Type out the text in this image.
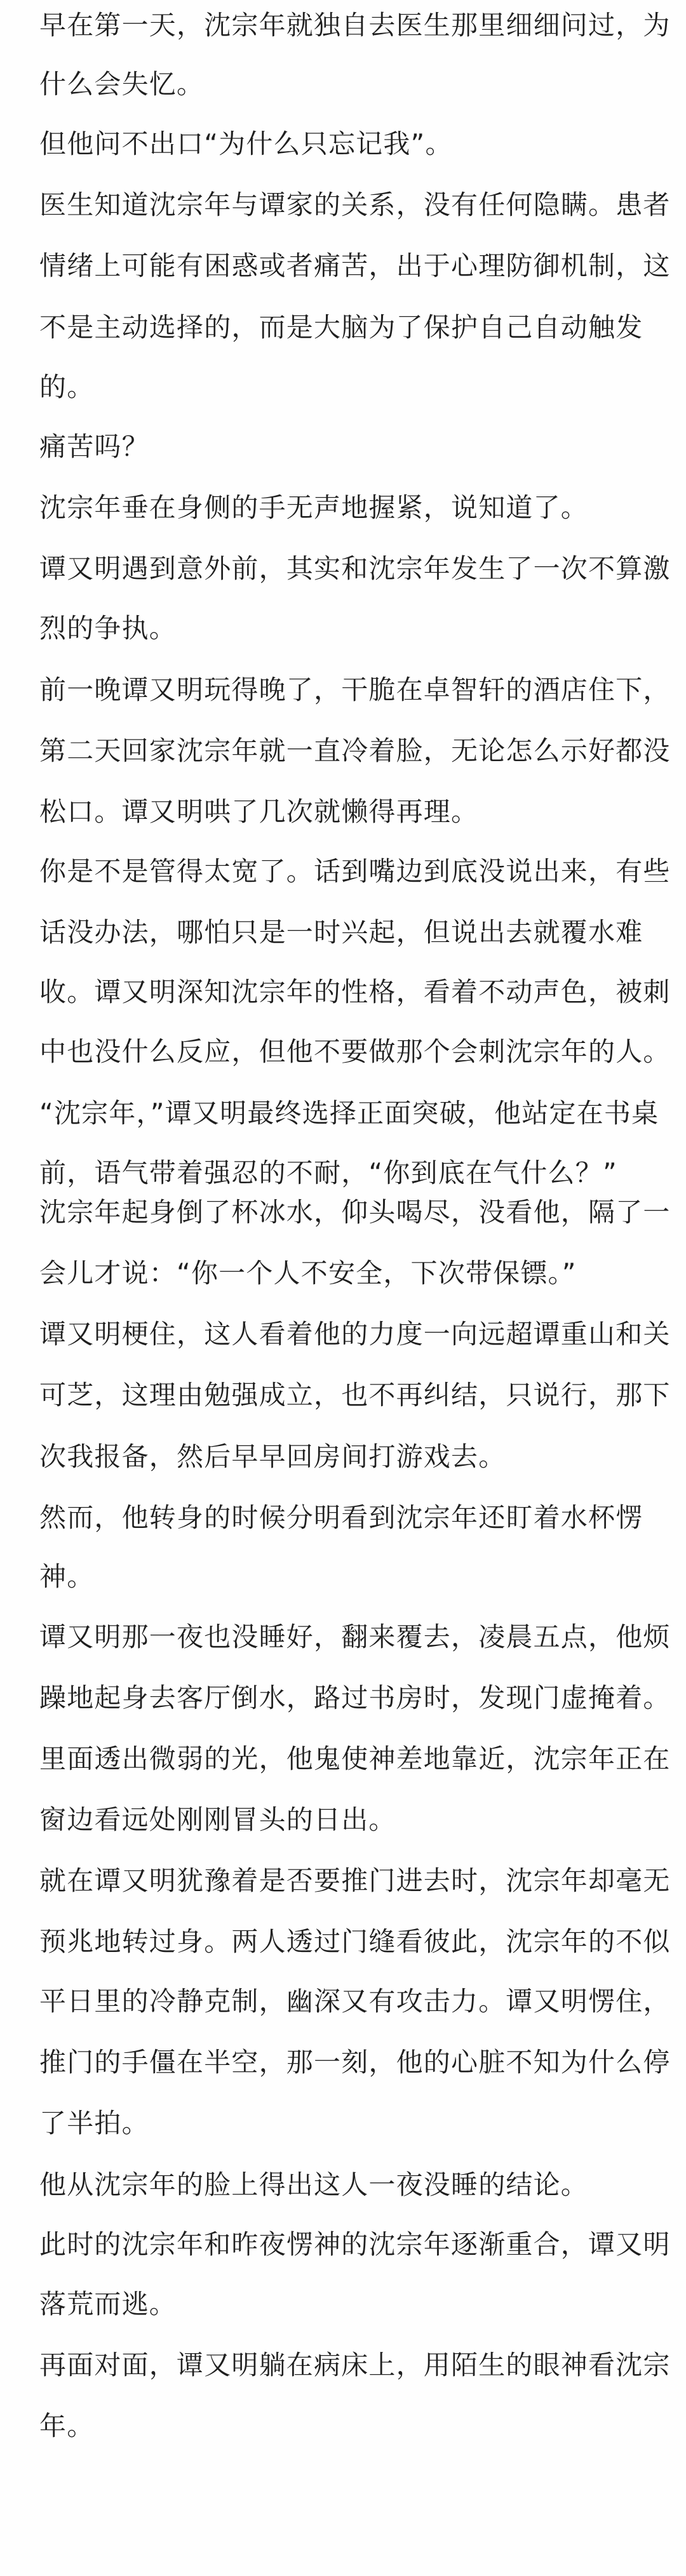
早在第一天，沈宗年就独自去医生那里细细问过，为
什么会失忆。
但他问不出口“为什么只忘记我”。
医生知道沈宗年与谭家的关系，没有任何隐瞒。患者
情绪上可能有困惑或者痛苦，出于心理防御机制，这
不是主动选择的，而是大脑为了保护自己自动触发
的。
痛苦吗？
沈宗年垂在身侧的手无声地握紧，说知道了。
谭又明遇到意外前，其实和沈宗年发生了一次不算激
烈的争执。
前一晚谭又明玩得晚了，干脆在卓智轩的酒店住下，
第二天回家沈宗年就一直冷着脸，无论怎么示好都没
松口。谭又明哄了几次就懒得再理。
你是不是管得太宽了。话到嘴边到底没说出来，有些
话没办法，哪怕只是一时兴起，但说出去就覆水难
收。谭又明深知沈宗年的性格，看着不动声色，被刺
中也没什么反应，但他不要做那个会刺沈宗年的人。
“沈宗年，”谭又明最终选择正面突破，他站定在书桌
前，语气带着强忍的不耐，“你到底在气什么？”
沈宗年起身倒了杯冰水，仰头喝尽，没看他，隔了一
会儿才说：“你一个人不安全，下次带保镖。”
谭又明梗住，这人看着他的力度一向远超谭重山和关
可芝，这理由勉强成立，也不再纠结，只说行，那下
次我报备，然后早早回房间打游戏去。
然而，他转身的时候分明看到沈宗年还盯着水杯愣
神。
谭又明那一夜也没睡好，翻来覆去，凌晨五点，他烦
躁地起身去客厅倒水，路过书房时，发现门虚掩着。
里面透出微弱的光，他鬼使神差地靠近，沈宗年正在
窗边看远处刚刚冒头的日出。
就在谭又明犹豫着是否要推门进去时，沈宗年却毫无
预兆地转过身。两人透过门缝看彼此，沈宗年的不似
平日里的冷静克制，幽深又有攻击力。谭又明愣住，
推门的手僵在半空，那一刻，他的心脏不知为什么停
了半拍。
他从沈宗年的脸上得出这人一夜没睡的结论。
此时的沈宗年和昨夜愣神的沈宗年逐渐重合，谭又明
落荒而逃。
再面对面，谭又明躺在病床上，用陌生的眼神看沈宗
年。
